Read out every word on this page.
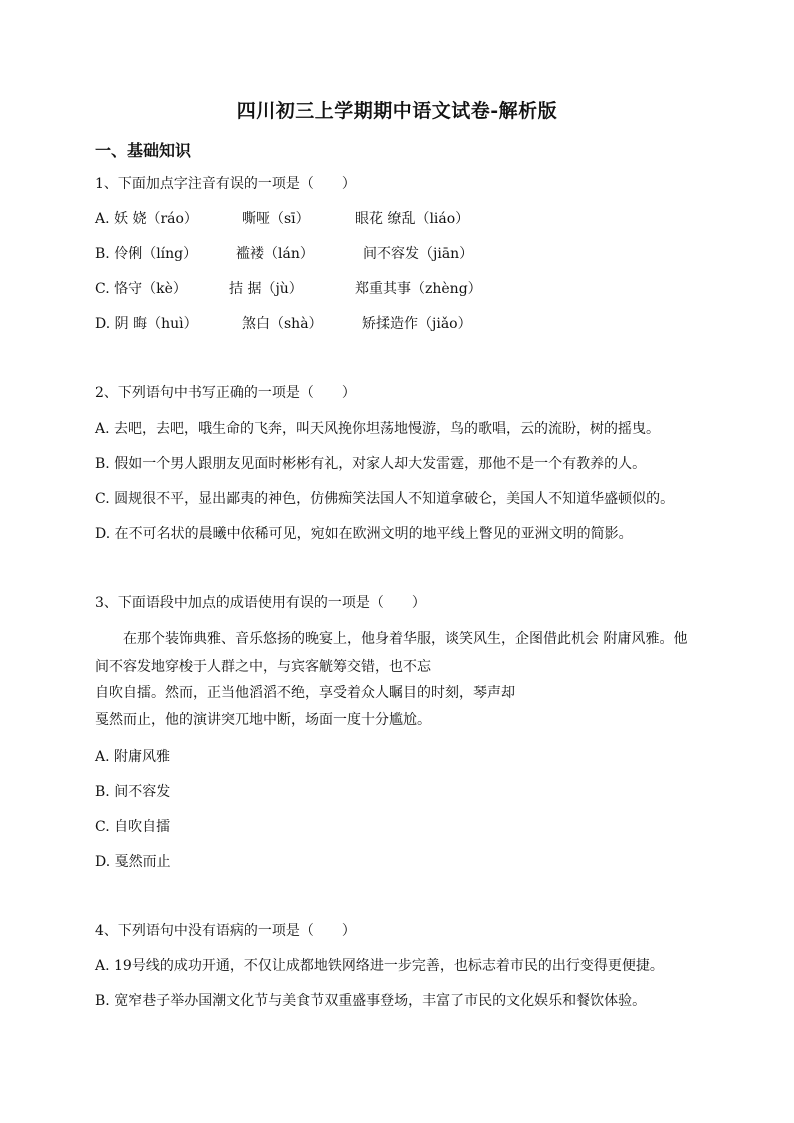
四川初三上学期期中语文试卷-解析版
一、基础知识
1、下面加点字注音有误的一项是（　　）
A. 妖 娆（ráo）	嘶哑（sī）	眼花 缭乱（liáo）
B. 伶俐（líng）	褴褛（lán）	间不容发（jiān）
C. 恪守（kè）	拮 据（jù）	郑重其事（zhèng）
D. 阴 晦（huì）	煞白（shà）	矫揉造作（jiǎo）
2、下列语句中书写正确的一项是（　　）
A. 去吧，去吧，哦生命的飞奔，叫天风挽你坦荡地慢游，鸟的歌唱，云的流盼，树的摇曳。
B. 假如一个男人跟朋友见面时彬彬有礼，对家人却大发雷霆，那他不是一个有教养的人。
C. 圆规很不平，显出鄙夷的神色，仿佛痴笑法国人不知道拿破仑，美国人不知道华盛顿似的。
D. 在不可名状的晨曦中依稀可见，宛如在欧洲文明的地平线上瞥见的亚洲文明的简影。
3、下面语段中加点的成语使用有误的一项是（　　）
在那个装饰典雅、音乐悠扬的晚宴上，他身着华服，谈笑风生，企图借此机会 附庸风雅。他
间不容发地穿梭于人群之中，与宾客觥筹交错，也不忘
自吹自擂。然而，正当他滔滔不绝，享受着众人瞩目的时刻，琴声却
戛然而止，他的演讲突兀地中断，场面一度十分尴尬。
A. 附庸风雅
B. 间不容发
C. 自吹自擂
D. 戛然而止
4、下列语句中没有语病的一项是（　　）
A. 19号线的成功开通，不仅让成都地铁网络进一步完善，也标志着市民的出行变得更便捷。
B. 宽窄巷子举办国潮文化节与美食节双重盛事登场，丰富了市民的文化娱乐和餐饮体验。
